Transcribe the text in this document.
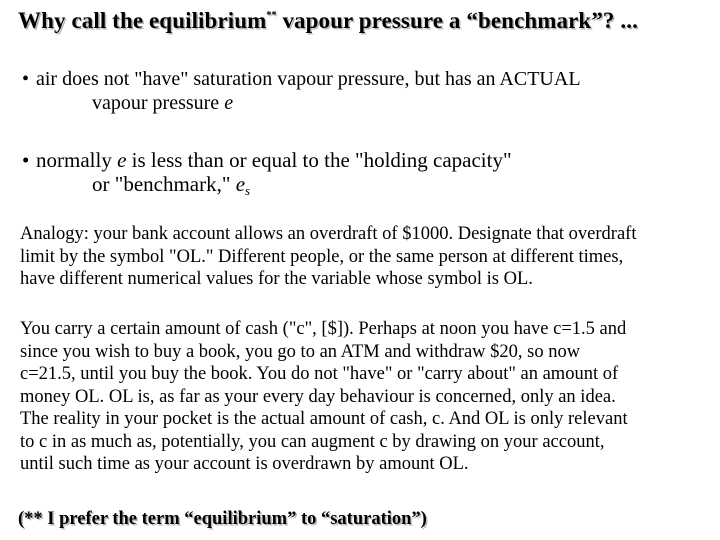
Why call the equilibrium** vapour pressure a “benchmark”? ...
• air does not "have" saturation vapour pressure, but has an ACTUAL
vapour pressure e
• normally e is less than or equal to the "holding capacity"
or "benchmark," $e_s$
Analogy: your bank account allows an overdraft of $1000. Designate that overdraft
limit by the symbol "OL." Different people, or the same person at different times,
have different numerical values for the variable whose symbol is OL.
You carry a certain amount of cash ("c", [$]). Perhaps at noon you have c=1.5 and
since you wish to buy a book, you go to an ATM and withdraw $20, so now
c=21.5, until you buy the book. You do not "have" or "carry about" an amount of
money OL. OL is, as far as your every day behaviour is concerned, only an idea.
The reality in your pocket is the actual amount of cash, c. And OL is only relevant
to c in as much as, potentially, you can augment c by drawing on your account,
until such time as your account is overdrawn by amount OL.
(** I prefer the term “equilibrium” to “saturation”)
